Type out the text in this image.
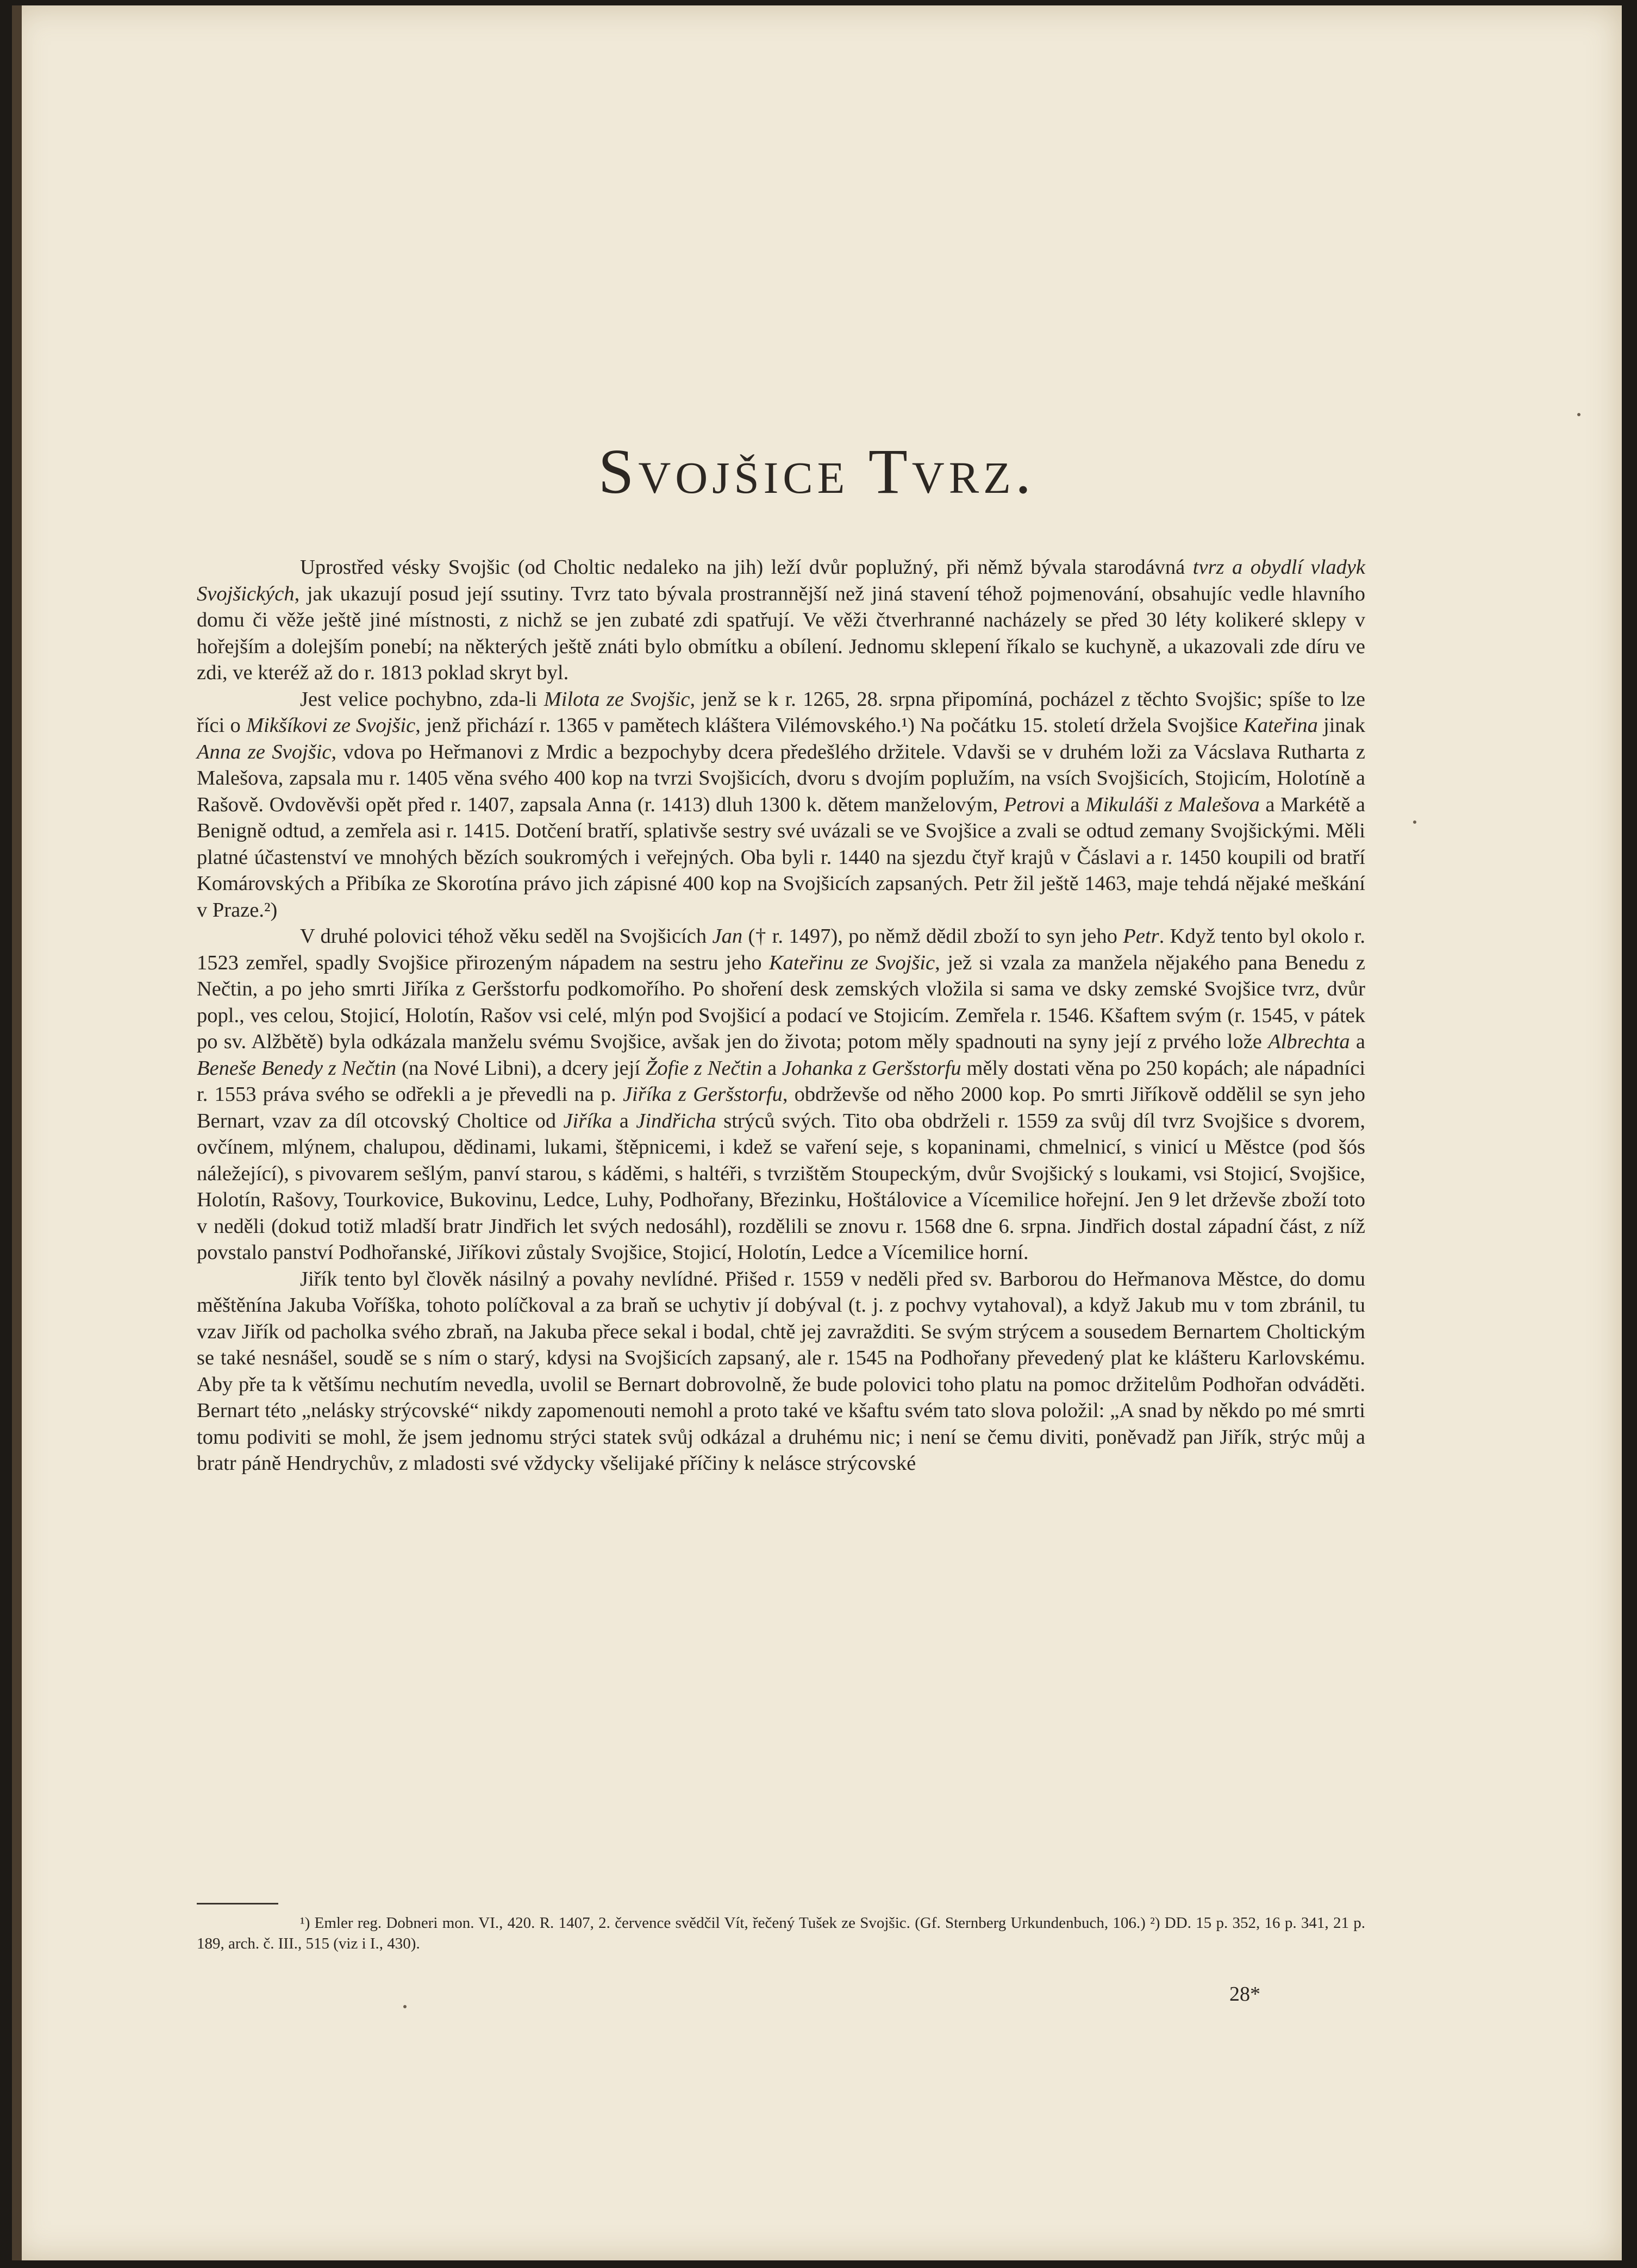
Svojšice Tvrz.

Uprostřed vésky Svojšic (od Choltic nedaleko na jih) leží dvůr poplužný, při němž bývala starodávná tvrz a obydlí vladyk Svojšických, jak ukazují posud její ssutiny. Tvrz tato bývala prostrannější než jiná stavení téhož pojmenování, obsahujíc vedle hlavního domu či věže ještě jiné místnosti, z nichž se jen zubaté zdi spatřují. Ve věži čtverhranné nacházely se před 30 léty kolikeré sklepy v hořejším a dolejším ponebí; na některých ještě znáti bylo obmítku a obílení. Jednomu sklepení říkalo se kuchyně, a ukazovali zde díru ve zdi, ve kteréž až do r. 1813 poklad skryt byl.

Jest velice pochybno, zda-li Milota ze Svojšic, jenž se k r. 1265, 28. srpna připomíná, pocházel z těchto Svojšic; spíše to lze říci o Mikšíkovi ze Svojšic, jenž přichází r. 1365 v pamětech kláštera Vilémovského.¹) Na počátku 15. století držela Svojšice Kateřina jinak Anna ze Svojšic, vdova po Heřmanovi z Mrdic a bezpochyby dcera předešlého držitele. Vdavši se v druhém loži za Vácslava Rutharta z Malešova, zapsala mu r. 1405 věna svého 400 kop na tvrzi Svojšicích, dvoru s dvojím poplužím, na vsích Svojšicích, Stojicím, Holotíně a Rašově. Ovdověvši opět před r. 1407, zapsala Anna (r. 1413) dluh 1300 k. dětem manželovým, Petrovi a Mikuláši z Malešova a Markétě a Benigně odtud, a zemřela asi r. 1415. Dotčení bratří, splativše sestry své uvázali se ve Svojšice a zvali se odtud zemany Svojšickými. Měli platné účastenství ve mnohých bězích soukromých i veřejných. Oba byli r. 1440 na sjezdu čtyř krajů v Čáslavi a r. 1450 koupili od bratří Komárovských a Přibíka ze Skorotína právo jich zápisné 400 kop na Svojšicích zapsaných. Petr žil ještě 1463, maje tehdá nějaké meškání v Praze.²)

V druhé polovici téhož věku seděl na Svojšicích Jan († r. 1497), po němž dědil zboží to syn jeho Petr. Když tento byl okolo r. 1523 zemřel, spadly Svojšice přirozeným nápadem na sestru jeho Kateřinu ze Svojšic, jež si vzala za manžela nějakého pana Benedu z Nečtin, a po jeho smrti Jiříka z Geršstorfu podkomořího. Po shoření desk zemských vložila si sama ve dsky zemské Svojšice tvrz, dvůr popl., ves celou, Stojicí, Holotín, Rašov vsi celé, mlýn pod Svojšicí a podací ve Stojicím. Zemřela r. 1546. Kšaftem svým (r. 1545, v pátek po sv. Alžbětě) byla odkázala manželu svému Svojšice, avšak jen do života; potom měly spadnouti na syny její z prvého lože Albrechta a Beneše Benedy z Nečtin (na Nové Libni), a dcery její Žofie z Nečtin a Johanka z Geršstorfu měly dostati věna po 250 kopách; ale nápadníci r. 1553 práva svého se odřekli a je převedli na p. Jiříka z Geršstorfu, obdrževše od něho 2000 kop. Po smrti Jiříkově oddělil se syn jeho Bernart, vzav za díl otcovský Choltice od Jiříka a Jindřicha strýců svých. Tito oba obdrželi r. 1559 za svůj díl tvrz Svojšice s dvorem, ovčínem, mlýnem, chalupou, dědinami, lukami, štěpnicemi, i kdež se vaření seje, s kopaninami, chmelnicí, s vinicí u Městce (pod šós náležející), s pivovarem sešlým, panví starou, s káděmi, s haltéři, s tvrzištěm Stoupeckým, dvůr Svojšický s loukami, vsi Stojicí, Svojšice, Holotín, Rašovy, Tourkovice, Bukovinu, Ledce, Luhy, Podhořany, Březinku, Hoštálovice a Vícemilice hořejní. Jen 9 let drževše zboží toto v neděli (dokud totiž mladší bratr Jindřich let svých nedosáhl), rozdělili se znovu r. 1568 dne 6. srpna. Jindřich dostal západní část, z níž povstalo panství Podhořanské, Jiříkovi zůstaly Svojšice, Stojicí, Holotín, Ledce a Vícemilice horní.

Jiřík tento byl člověk násilný a povahy nevlídné. Přišed r. 1559 v neděli před sv. Barborou do Heřmanova Městce, do domu měštěnína Jakuba Voříška, tohoto políčkoval a za braň se uchytiv jí dobýval (t. j. z pochvy vytahoval), a když Jakub mu v tom zbránil, tu vzav Jiřík od pacholka svého zbraň, na Jakuba přece sekal i bodal, chtě jej zavražditi. Se svým strýcem a sousedem Bernartem Choltickým se také nesnášel, soudě se s ním o starý, kdysi na Svojšicích zapsaný, ale r. 1545 na Podhořany převedený plat ke klášteru Karlovskému. Aby pře ta k většímu nechutím nevedla, uvolil se Bernart dobrovolně, že bude polovici toho platu na pomoc držitelům Podhořan odváděti. Bernart této „nelásky strýcovské“ nikdy zapomenouti nemohl a proto také ve kšaftu svém tato slova položil: „A snad by někdo po mé smrti tomu podiviti se mohl, že jsem jednomu strýci statek svůj odkázal a druhému nic; i není se čemu diviti, poněvadž pan Jiřík, strýc můj a bratr páně Hendrychův, z mladosti své vždycky všelijaké příčiny k nelásce strýcovské

¹) Emler reg. Dobneri mon. VI., 420. R. 1407, 2. července svědčil Vít, řečený Tušek ze Svojšic. (Gf. Sternberg Urkundenbuch, 106.) ²) DD. 15 p. 352, 16 p. 341, 21 p. 189, arch. č. III., 515 (viz i I., 430).

28*
